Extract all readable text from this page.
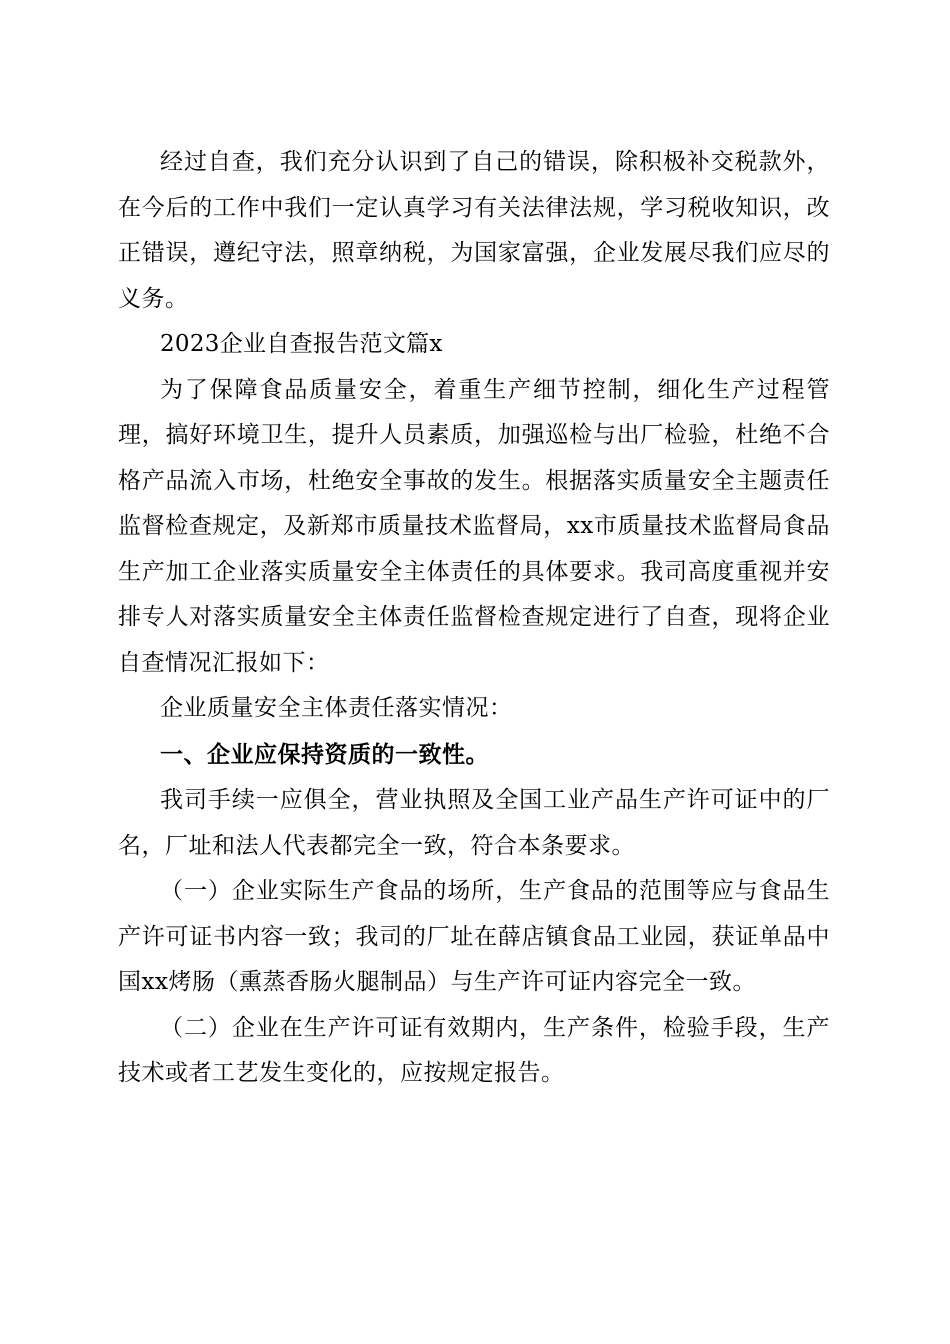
经过自查，我们充分认识到了自己的错误，除积极补交税款外，在今后的工作中我们一定认真学习有关法律法规，学习税收知识，改正错误，遵纪守法，照章纳税，为国家富强，企业发展尽我们应尽的义务。

2023企业自查报告范文篇x

为了保障食品质量安全，着重生产细节控制，细化生产过程管理，搞好环境卫生，提升人员素质，加强巡检与出厂检验，杜绝不合格产品流入市场，杜绝安全事故的发生。根据落实质量安全主题责任监督检查规定，及新郑市质量技术监督局，xx市质量技术监督局食品生产加工企业落实质量安全主体责任的具体要求。我司高度重视并安排专人对落实质量安全主体责任监督检查规定进行了自查，现将企业自查情况汇报如下：

企业质量安全主体责任落实情况：

一、企业应保持资质的一致性。

我司手续一应俱全，营业执照及全国工业产品生产许可证中的厂名，厂址和法人代表都完全一致，符合本条要求。

（一）企业实际生产食品的场所，生产食品的范围等应与食品生产许可证书内容一致；我司的厂址在薛店镇食品工业园，获证单品中国xx烤肠（熏蒸香肠火腿制品）与生产许可证内容完全一致。

（二）企业在生产许可证有效期内，生产条件，检验手段，生产技术或者工艺发生变化的，应按规定报告。
